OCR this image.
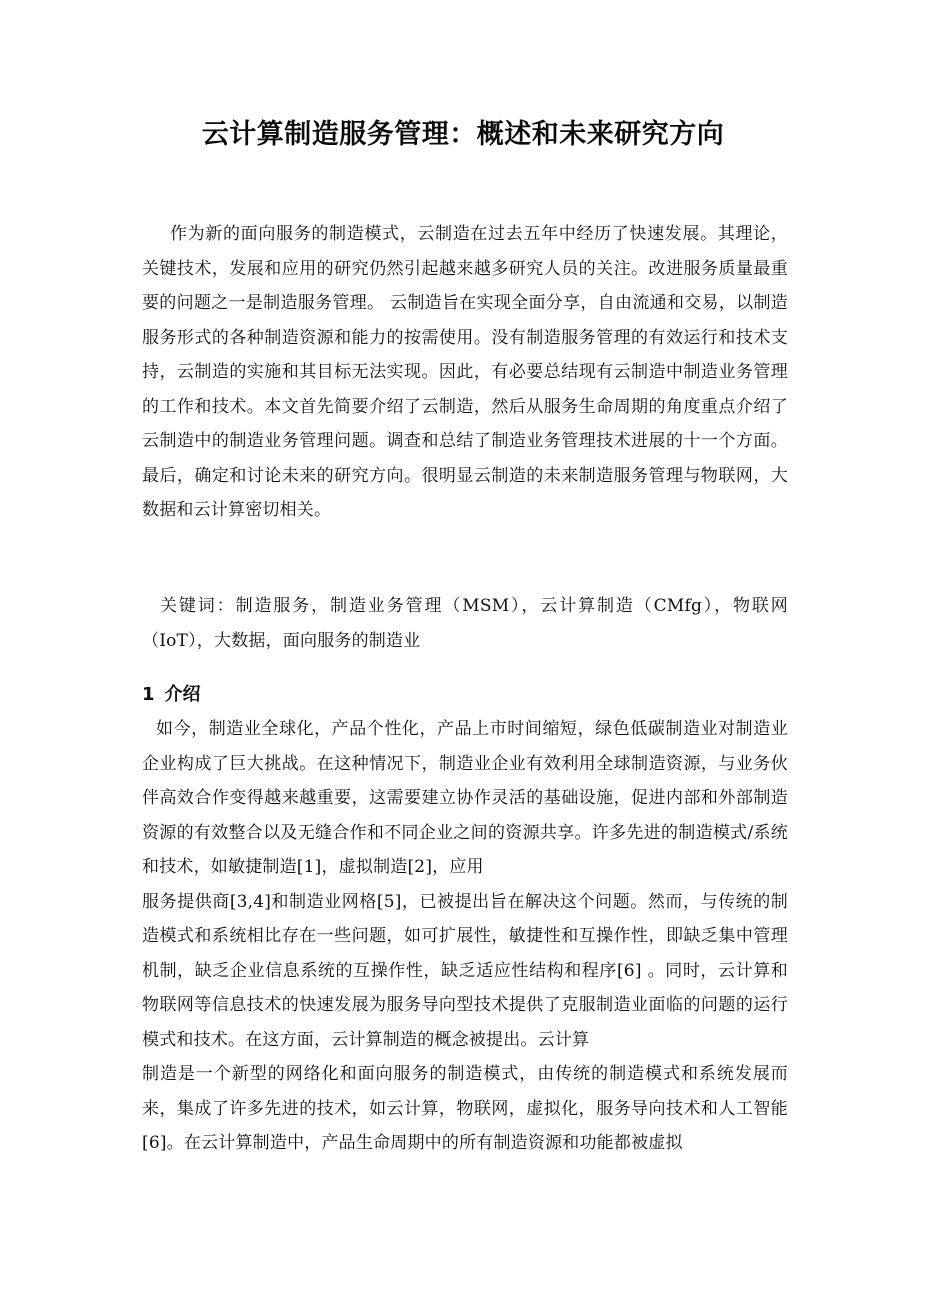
云计算制造服务管理：概述和未来研究方向

作为新的面向服务的制造模式，云制造在过去五年中经历了快速发展。其理论，关键技术，发展和应用的研究仍然引起越来越多研究人员的关注。改进服务质量最重要的问题之一是制造服务管理。 云制造旨在实现全面分享，自由流通和交易，以制造服务形式的各种制造资源和能力的按需使用。没有制造服务管理的有效运行和技术支持，云制造的实施和其目标无法实现。因此，有必要总结现有云制造中制造业务管理的工作和技术。本文首先简要介绍了云制造，然后从服务生命周期的角度重点介绍了云制造中的制造业务管理问题。调查和总结了制造业务管理技术进展的十一个方面。最后，确定和讨论未来的研究方向。很明显云制造的未来制造服务管理与物联网，大数据和云计算密切相关。

关键词：制造服务，制造业务管理（MSM），云计算制造（CMfg），物联网（IoT），大数据，面向服务的制造业

1 介绍

如今，制造业全球化，产品个性化，产品上市时间缩短，绿色低碳制造业对制造业企业构成了巨大挑战。在这种情况下，制造业企业有效利用全球制造资源，与业务伙伴高效合作变得越来越重要，这需要建立协作灵活的基础设施，促进内部和外部制造资源的有效整合以及无缝合作和不同企业之间的资源共享。许多先进的制造模式/系统和技术，如敏捷制造[1]，虚拟制造[2]，应用

服务提供商[3,4]和制造业网格[5]，已被提出旨在解决这个问题。然而，与传统的制造模式和系统相比存在一些问题，如可扩展性，敏捷性和互操作性，即缺乏集中管理机制，缺乏企业信息系统的互操作性，缺乏适应性结构和程序[6] 。同时，云计算和物联网等信息技术的快速发展为服务导向型技术提供了克服制造业面临的问题的运行模式和技术。在这方面，云计算制造的概念被提出。云计算

制造是一个新型的网络化和面向服务的制造模式，由传统的制造模式和系统发展而来，集成了许多先进的技术，如云计算，物联网，虚拟化，服务导向技术和人工智能[6]。在云计算制造中，产品生命周期中的所有制造资源和功能都被虚拟
